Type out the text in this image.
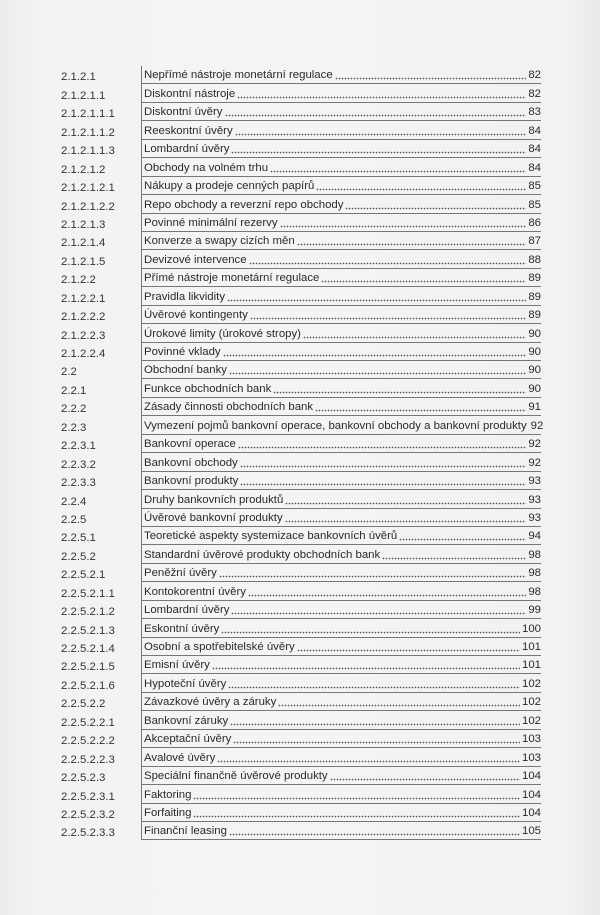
2.1.2.1	Nepřímé nástroje monetární regulace	82
2.1.2.1.1	Diskontní nástroje	82
2.1.2.1.1.1	Diskontní úvěry	83
2.1.2.1.1.2	Reeskontní úvěry	84
2.1.2.1.1.3	Lombardní úvěry	84
2.1.2.1.2	Obchody na volném trhu	84
2.1.2.1.2.1	Nákupy a prodeje cenných papírů	85
2.1.2.1.2.2	Repo obchody a reverzní repo obchody	85
2.1.2.1.3	Povinné minimální rezervy	86
2.1.2.1.4	Konverze a swapy cizích měn	87
2.1.2.1.5	Devizové intervence	88
2.1.2.2	Přímé nástroje monetární regulace	89
2.1.2.2.1	Pravidla likvidity	89
2.1.2.2.2	Úvěrové kontingenty	89
2.1.2.2.3	Úrokové limity (úrokové stropy)	90
2.1.2.2.4	Povinné vklady	90
2.2	Obchodní banky	90
2.2.1	Funkce obchodních bank	90
2.2.2	Zásady činnosti obchodních bank	91
2.2.3	Vymezení pojmů bankovní operace, bankovní obchody a bankovní produkty 92
2.2.3.1	Bankovní operace	92
2.2.3.2	Bankovní obchody	92
2.2.3.3	Bankovní produkty	93
2.2.4	Druhy bankovních produktů	93
2.2.5	Úvěrové bankovní produkty	93
2.2.5.1	Teoretické aspekty systemizace bankovních úvěrů	94
2.2.5.2	Standardní úvěrové produkty obchodních bank	98
2.2.5.2.1	Peněžní úvěry	98
2.2.5.2.1.1	Kontokorentní úvěry	98
2.2.5.2.1.2	Lombardní úvěry	99
2.2.5.2.1.3	Eskontní úvěry	100
2.2.5.2.1.4	Osobní a spotřebitelské úvěry	101
2.2.5.2.1.5	Emisní úvěry	101
2.2.5.2.1.6	Hypoteční úvěry	102
2.2.5.2.2	Závazkové úvěry a záruky	102
2.2.5.2.2.1	Bankovní záruky	102
2.2.5.2.2.2	Akceptační úvěry	103
2.2.5.2.2.3	Avalové úvěry	103
2.2.5.2.3	Speciální finančně úvěrové produkty	104
2.2.5.2.3.1	Faktoring	104
2.2.5.2.3.2	Forfaiting	104
2.2.5.2.3.3	Finanční leasing	105
